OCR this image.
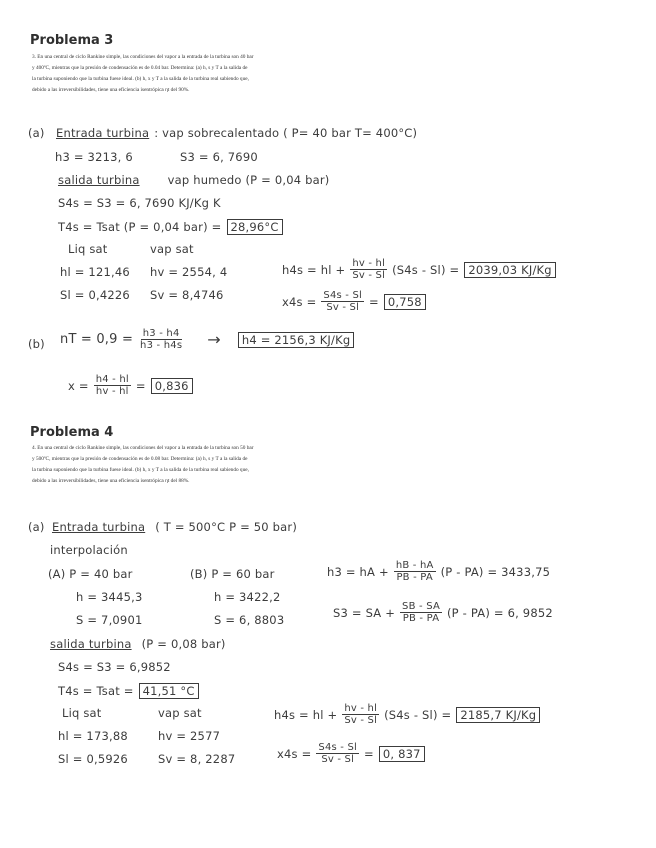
Problema 3
3. En una central de ciclo Rankine simple, las condiciones del vapor a la entrada de la turbina son 40 bar
y 400ºC, mientras que la presión de condensación es de 0.04 bar. Determina: (a) h, s y T a la salida de
la turbina suponiendo que la turbina fuese ideal. (b) h, x y T a la salida de la turbina real sabiendo que,
debido a las irreversibilidades, tiene una eficiencia isentrópica ηt del 90%.
(a) Entrada turbina : vap sobrecalentado ( P= 40 bar T= 400°C)
h3 = 3213, 6	S3 = 6, 7690
salida turbina vap humedo (P = 0,04 bar)
S4s = S3 = 6, 7690 KJ/Kg K
T4s = Tsat (P = 0,04 bar) = 28,96°C
Liq sat	vap sat
hl = 121,46 hv = 2554, 4
Sl = 0,4226 Sv = 8,4746
h4s = hl + $\frac{hv - hl}{Sv - Sl} (S4s - Sl) = 2039,03$ KJ/Kg
$x4s = \frac{S4s - Sl}{Sv - Sl} = 0,758$
(b) nT = $0,9 = \frac{h3 - h4}{h3 - h4s}$ →	h4 = 2156,3 KJ/Kg
$x = \frac{h4 - hl}{hv - hl} = 0,836$
Problema 4
4. En una central de ciclo Rankine simple, las condiciones del vapor a la entrada de la turbina son 50 bar
y 500ºC, mientras que la presión de condensación es de 0.08 bar. Determina: (a) h, s y T a la salida de
la turbina suponiendo que la turbina fuese ideal. (b) h, x y T a la salida de la turbina real sabiendo que,
debido a las irreversibilidades, tiene una eficiencia isentrópica ηt del 88%.
(a) Entrada turbina ( T = 500°C P = 50 bar)
interpolación
(A) P = 40 bar
h = 3445,3
S = 7,0901
(B) P = 60 bar
h = 3422,2
S = 6, 8803
h3 = hA + $\frac{hB - hA}{PB - PA} (P - PA) = 3433,75$
S3 = SA + $\frac{SB - SA}{PB - PA} (P - PA) = 6$, 9852
salida turbina (P = 0,08 bar)
S4s = S3 = 6,9852
T4s = Tsat = 41,51 °C
Liq sat	vap sat
hl = 173,88	hv = 2577
Sl = 0,5926	Sv = 8, 2287
h4s = hl + $\frac{hv - hl}{Sv - Sl} (S4s - Sl) = 2185,7$ KJ/Kg
$x4s = \frac{S4s - Sl}{Sv - Sl} = 0$, 837
